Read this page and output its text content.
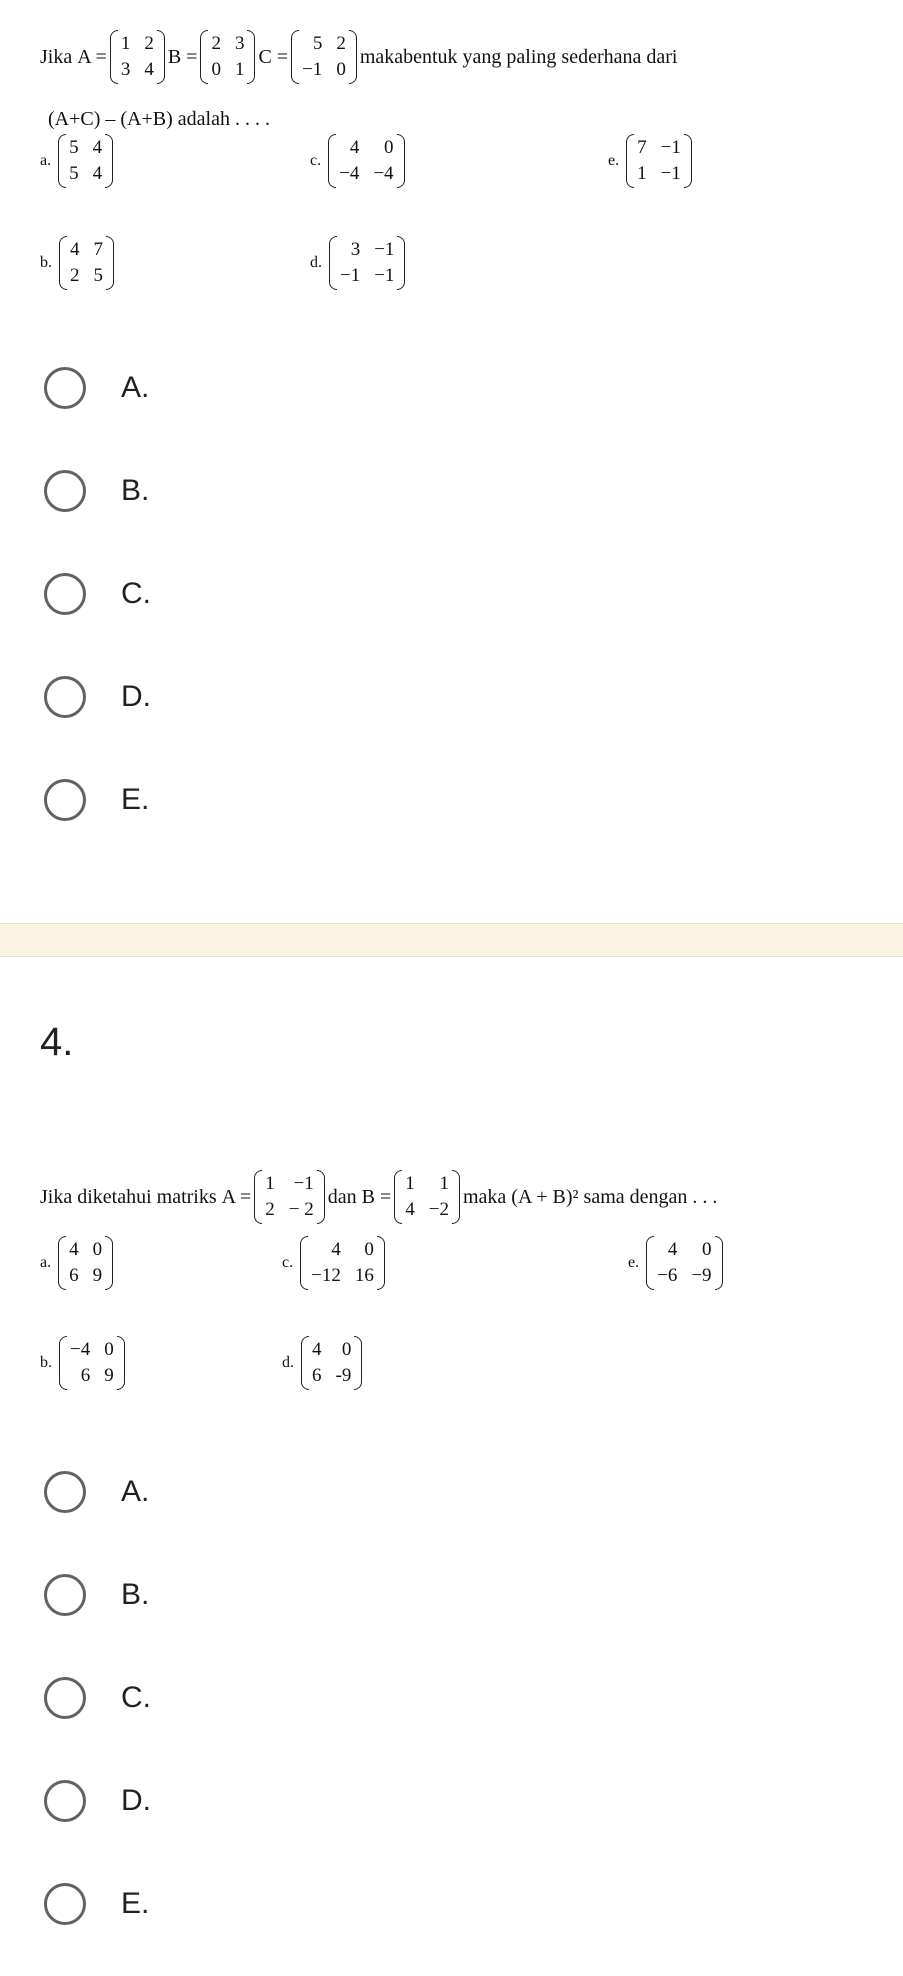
Jika
A =
1 2
3 4
B =
2 3
0 1
C =
5 2
−1 0
makabentuk yang paling sederhana dari
(A+C) – (A+B) adalah . . . .
a.
5 4
5 4
c.
4	0
−4 −4
e.
7 −1
1 −1
b.
4 7
2 5
d.
3 −1
−1 −1
A.
B.
C.
D.
E.
4.
Jika diketahui matriks
A =
1 −1
2 − 2
dan
B =
1	1
4 −2
maka (A + B)² sama dengan . . .
a.
4 0
6 9
c.
4	0
−12 16
e.
4	0
−6 −9
b.
−4 0
6 9
d.
4	0
6 -9
A.
B.
C.
D.
E.
